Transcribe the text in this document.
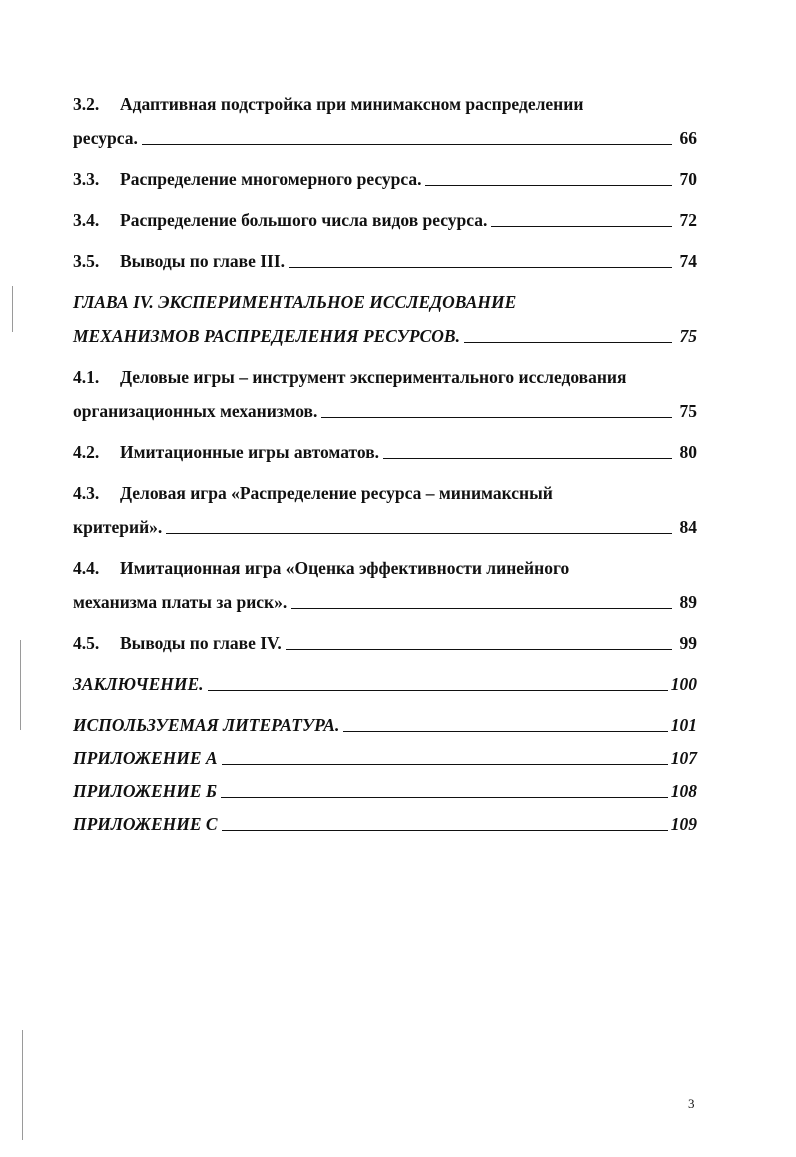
3.2.	Адаптивная подстройка при минимаксном распределении
ресурса.	66
3.3.	Распределение многомерного ресурса.	70
3.4.	Распределение большого числа видов ресурса.	72
3.5.	Выводы по главе III.	74
ГЛАВА IV. ЭКСПЕРИМЕНТАЛЬНОЕ ИССЛЕДОВАНИЕ
МЕХАНИЗМОВ РАСПРЕДЕЛЕНИЯ РЕСУРСОВ.	75
4.1.	Деловые игры – инструмент экспериментального исследования
организационных механизмов.	75
4.2.	Имитационные игры автоматов.	80
4.3.	Деловая игра «Распределение ресурса – минимаксный
критерий».	84
4.4.	Имитационная игра «Оценка эффективности линейного
механизма платы за риск».	89
4.5.	Выводы по главе IV.	99
ЗАКЛЮЧЕНИЕ.	100
ИСПОЛЬЗУЕМАЯ ЛИТЕРАТУРА.	101
ПРИЛОЖЕНИЕ А	107
ПРИЛОЖЕНИЕ Б	108
ПРИЛОЖЕНИЕ С	109
3
